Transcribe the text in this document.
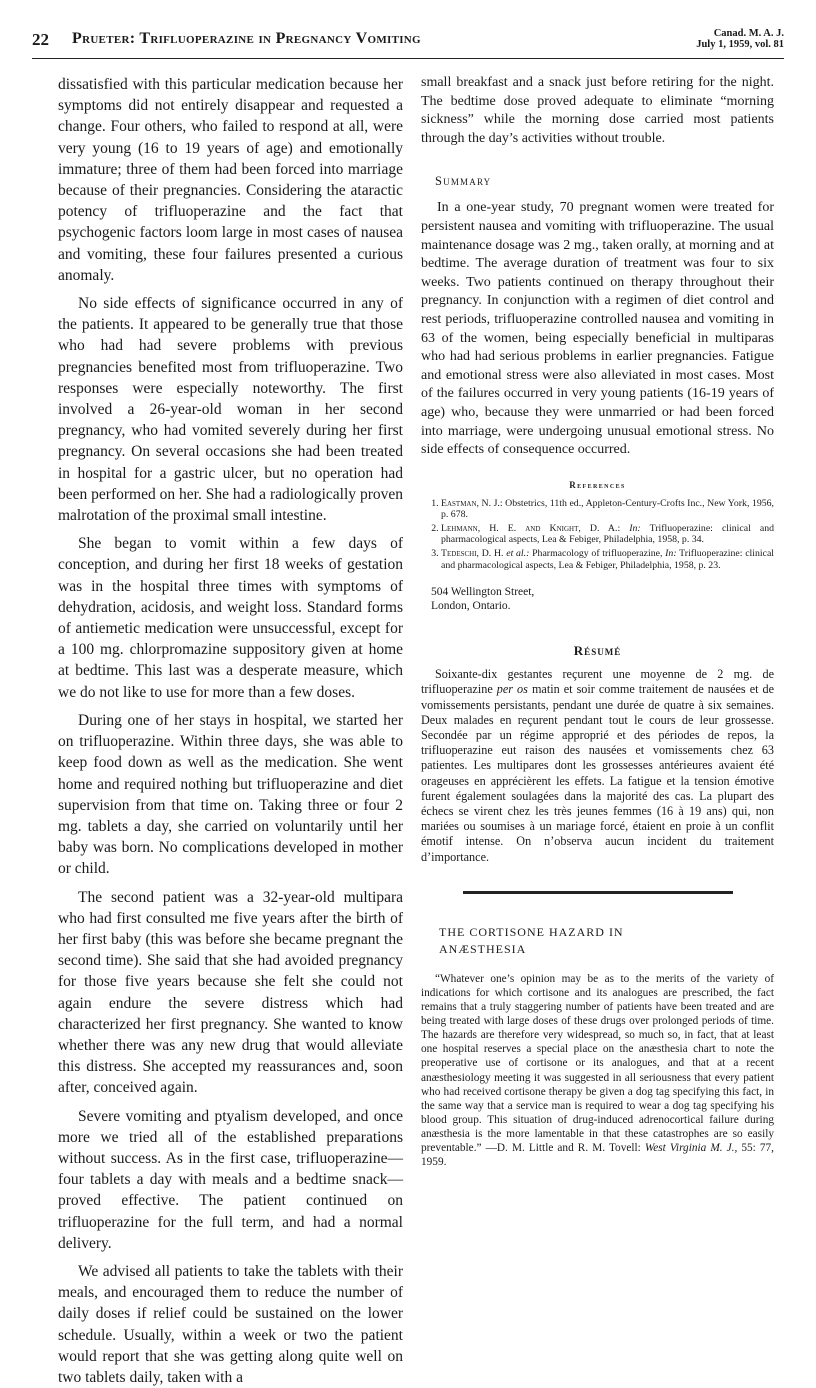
22 Prueter: Trifluoperazine in Pregnancy Vomiting	Canad. M. A. J.
July 1, 1959, vol. 81

dissatisfied with this particular medication because her symptoms did not entirely disappear and requested a change. Four others, who failed to respond at all, were very young (16 to 19 years of age) and emotionally immature; three of them had been forced into marriage because of their pregnancies. Considering the ataractic potency of trifluoperazine and the fact that psychogenic factors loom large in most cases of nausea and vomiting, these four failures presented a curious anomaly.

No side effects of significance occurred in any of the patients. It appeared to be generally true that those who had had severe problems with previous pregnancies benefited most from trifluoperazine. Two responses were especially noteworthy. The first involved a 26-year-old woman in her second pregnancy, who had vomited severely during her first pregnancy. On several occasions she had been treated in hospital for a gastric ulcer, but no operation had been performed on her. She had a radiologically proven malrotation of the proximal small intestine.

She began to vomit within a few days of conception, and during her first 18 weeks of gestation was in the hospital three times with symptoms of dehydration, acidosis, and weight loss. Standard forms of antiemetic medication were unsuccessful, except for a 100 mg. chlorpromazine suppository given at home at bedtime. This last was a desperate measure, which we do not like to use for more than a few doses.

During one of her stays in hospital, we started her on trifluoperazine. Within three days, she was able to keep food down as well as the medication. She went home and required nothing but trifluoperazine and diet supervision from that time on. Taking three or four 2 mg. tablets a day, she carried on voluntarily until her baby was born. No complications developed in mother or child.

The second patient was a 32-year-old multipara who had first consulted me five years after the birth of her first baby (this was before she became pregnant the second time). She said that she had avoided pregnancy for those five years because she felt she could not again endure the severe distress which had characterized her first pregnancy. She wanted to know whether there was any new drug that would alleviate this distress. She accepted my reassurances and, soon after, conceived again.

Severe vomiting and ptyalism developed, and once more we tried all of the established preparations without success. As in the first case, trifluoperazine—four tablets a day with meals and a bedtime snack—proved effective. The patient continued on trifluoperazine for the full term, and had a normal delivery.

We advised all patients to take the tablets with their meals, and encouraged them to reduce the number of daily doses if relief could be sustained on the lower schedule. Usually, within a week or two the patient would report that she was getting along quite well on two tablets daily, taken with a

small breakfast and a snack just before retiring for the night. The bedtime dose proved adequate to eliminate “morning sickness” while the morning dose carried most patients through the day’s activities without trouble.

Summary

In a one-year study, 70 pregnant women were treated for persistent nausea and vomiting with trifluoperazine. The usual maintenance dosage was 2 mg., taken orally, at morning and at bedtime. The average duration of treatment was four to six weeks. Two patients continued on therapy throughout their pregnancy. In conjunction with a regimen of diet control and rest periods, trifluoperazine controlled nausea and vomiting in 63 of the women, being especially beneficial in multiparas who had had serious problems in earlier pregnancies. Fatigue and emotional stress were also alleviated in most cases. Most of the failures occurred in very young patients (16-19 years of age) who, because they were unmarried or had been forced into marriage, were undergoing unusual emotional stress. No side effects of consequence occurred.

References
1. Eastman, N. J.: Obstetrics, 11th ed., Appleton-Century-Crofts Inc., New York, 1956, p. 678.
2. Lehmann, H. E. and Knight, D. A.: In: Trifluoperazine: clinical and pharmacological aspects, Lea & Febiger, Philadelphia, 1958, p. 34.
3. Tedeschi, D. H. et al.: Pharmacology of trifluoperazine, In: Trifluoperazine: clinical and pharmacological aspects, Lea & Febiger, Philadelphia, 1958, p. 23.
504 Wellington Street,
London, Ontario.
Résumé

Soixante-dix gestantes reçurent une moyenne de 2 mg. de trifluoperazine per os matin et soir comme traitement de nausées et de vomissements persistants, pendant une durée de quatre à six semaines. Deux malades en reçurent pendant tout le cours de leur grossesse. Secondée par un régime approprié et des périodes de repos, la trifluoperazine eut raison des nausées et vomissements chez 63 patientes. Les multipares dont les grossesses antérieures avaient été orageuses en apprécièrent les effets. La fatigue et la tension émotive furent également soulagées dans la majorité des cas. La plupart des échecs se virent chez les très jeunes femmes (16 à 19 ans) qui, non mariées ou soumises à un mariage forcé, étaient en proie à un conflit émotif intense. On n’observa aucun incident du traitement d’importance.

THE CORTISONE HAZARD IN
ANÆSTHESIA

“Whatever one’s opinion may be as to the merits of the variety of indications for which cortisone and its analogues are prescribed, the fact remains that a truly staggering number of patients have been treated and are being treated with large doses of these drugs over prolonged periods of time. The hazards are therefore very widespread, so much so, in fact, that at least one hospital reserves a special place on the anæsthesia chart to note the preoperative use of cortisone or its analogues, and that at a recent anæsthesiology meeting it was suggested in all seriousness that every patient who had received cortisone therapy be given a dog tag specifying this fact, in the same way that a service man is required to wear a dog tag specifying his blood group. This situation of drug-induced adrenocortical failure during anæsthesia is the more lamentable in that these catastrophes are so easily preventable.” —D. M. Little and R. M. Tovell: West Virginia M. J., 55: 77, 1959.
